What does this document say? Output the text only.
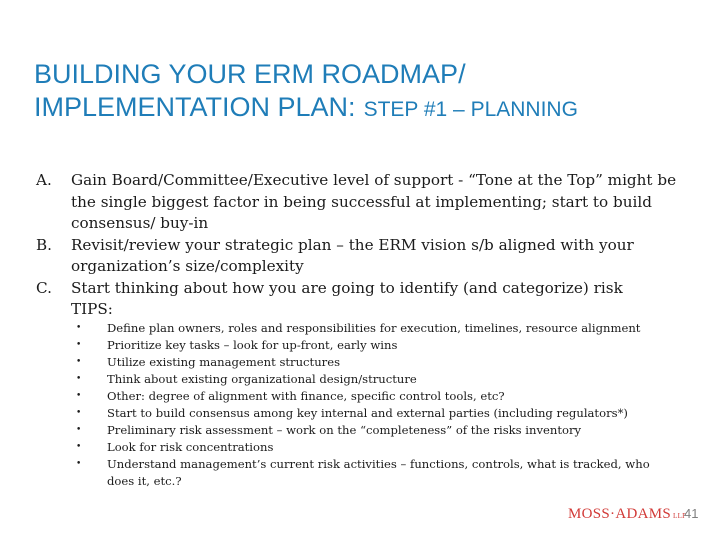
BUILDING YOUR ERM ROADMAP/
IMPLEMENTATION PLAN: STEP #1 – PLANNING
A.	Gain Board/Committee/Executive level of support - “Tone at the Top” might be the single biggest factor in being successful at implementing; start to build consensus/ buy-in
B.	Revisit/review your strategic plan – the ERM vision s/b aligned with your organization’s size/complexity
C.	Start thinking about how you are going to identify (and categorize) risk
TIPS:
•	Define plan owners, roles and responsibilities for execution, timelines, resource alignment
•	Prioritize key tasks – look for up-front, early wins
•	Utilize existing management structures
•	Think about existing organizational design/structure
•	Other: degree of alignment with finance, specific control tools, etc?
•	Start to build consensus among key internal and external parties (including regulators*)
•	Preliminary risk assessment – work on the “completeness” of the risks inventory
•	Look for risk concentrations
•	Understand management’s current risk activities – functions, controls, what is tracked, who does it, etc.?
MOSS·ADAMS LLP
41
